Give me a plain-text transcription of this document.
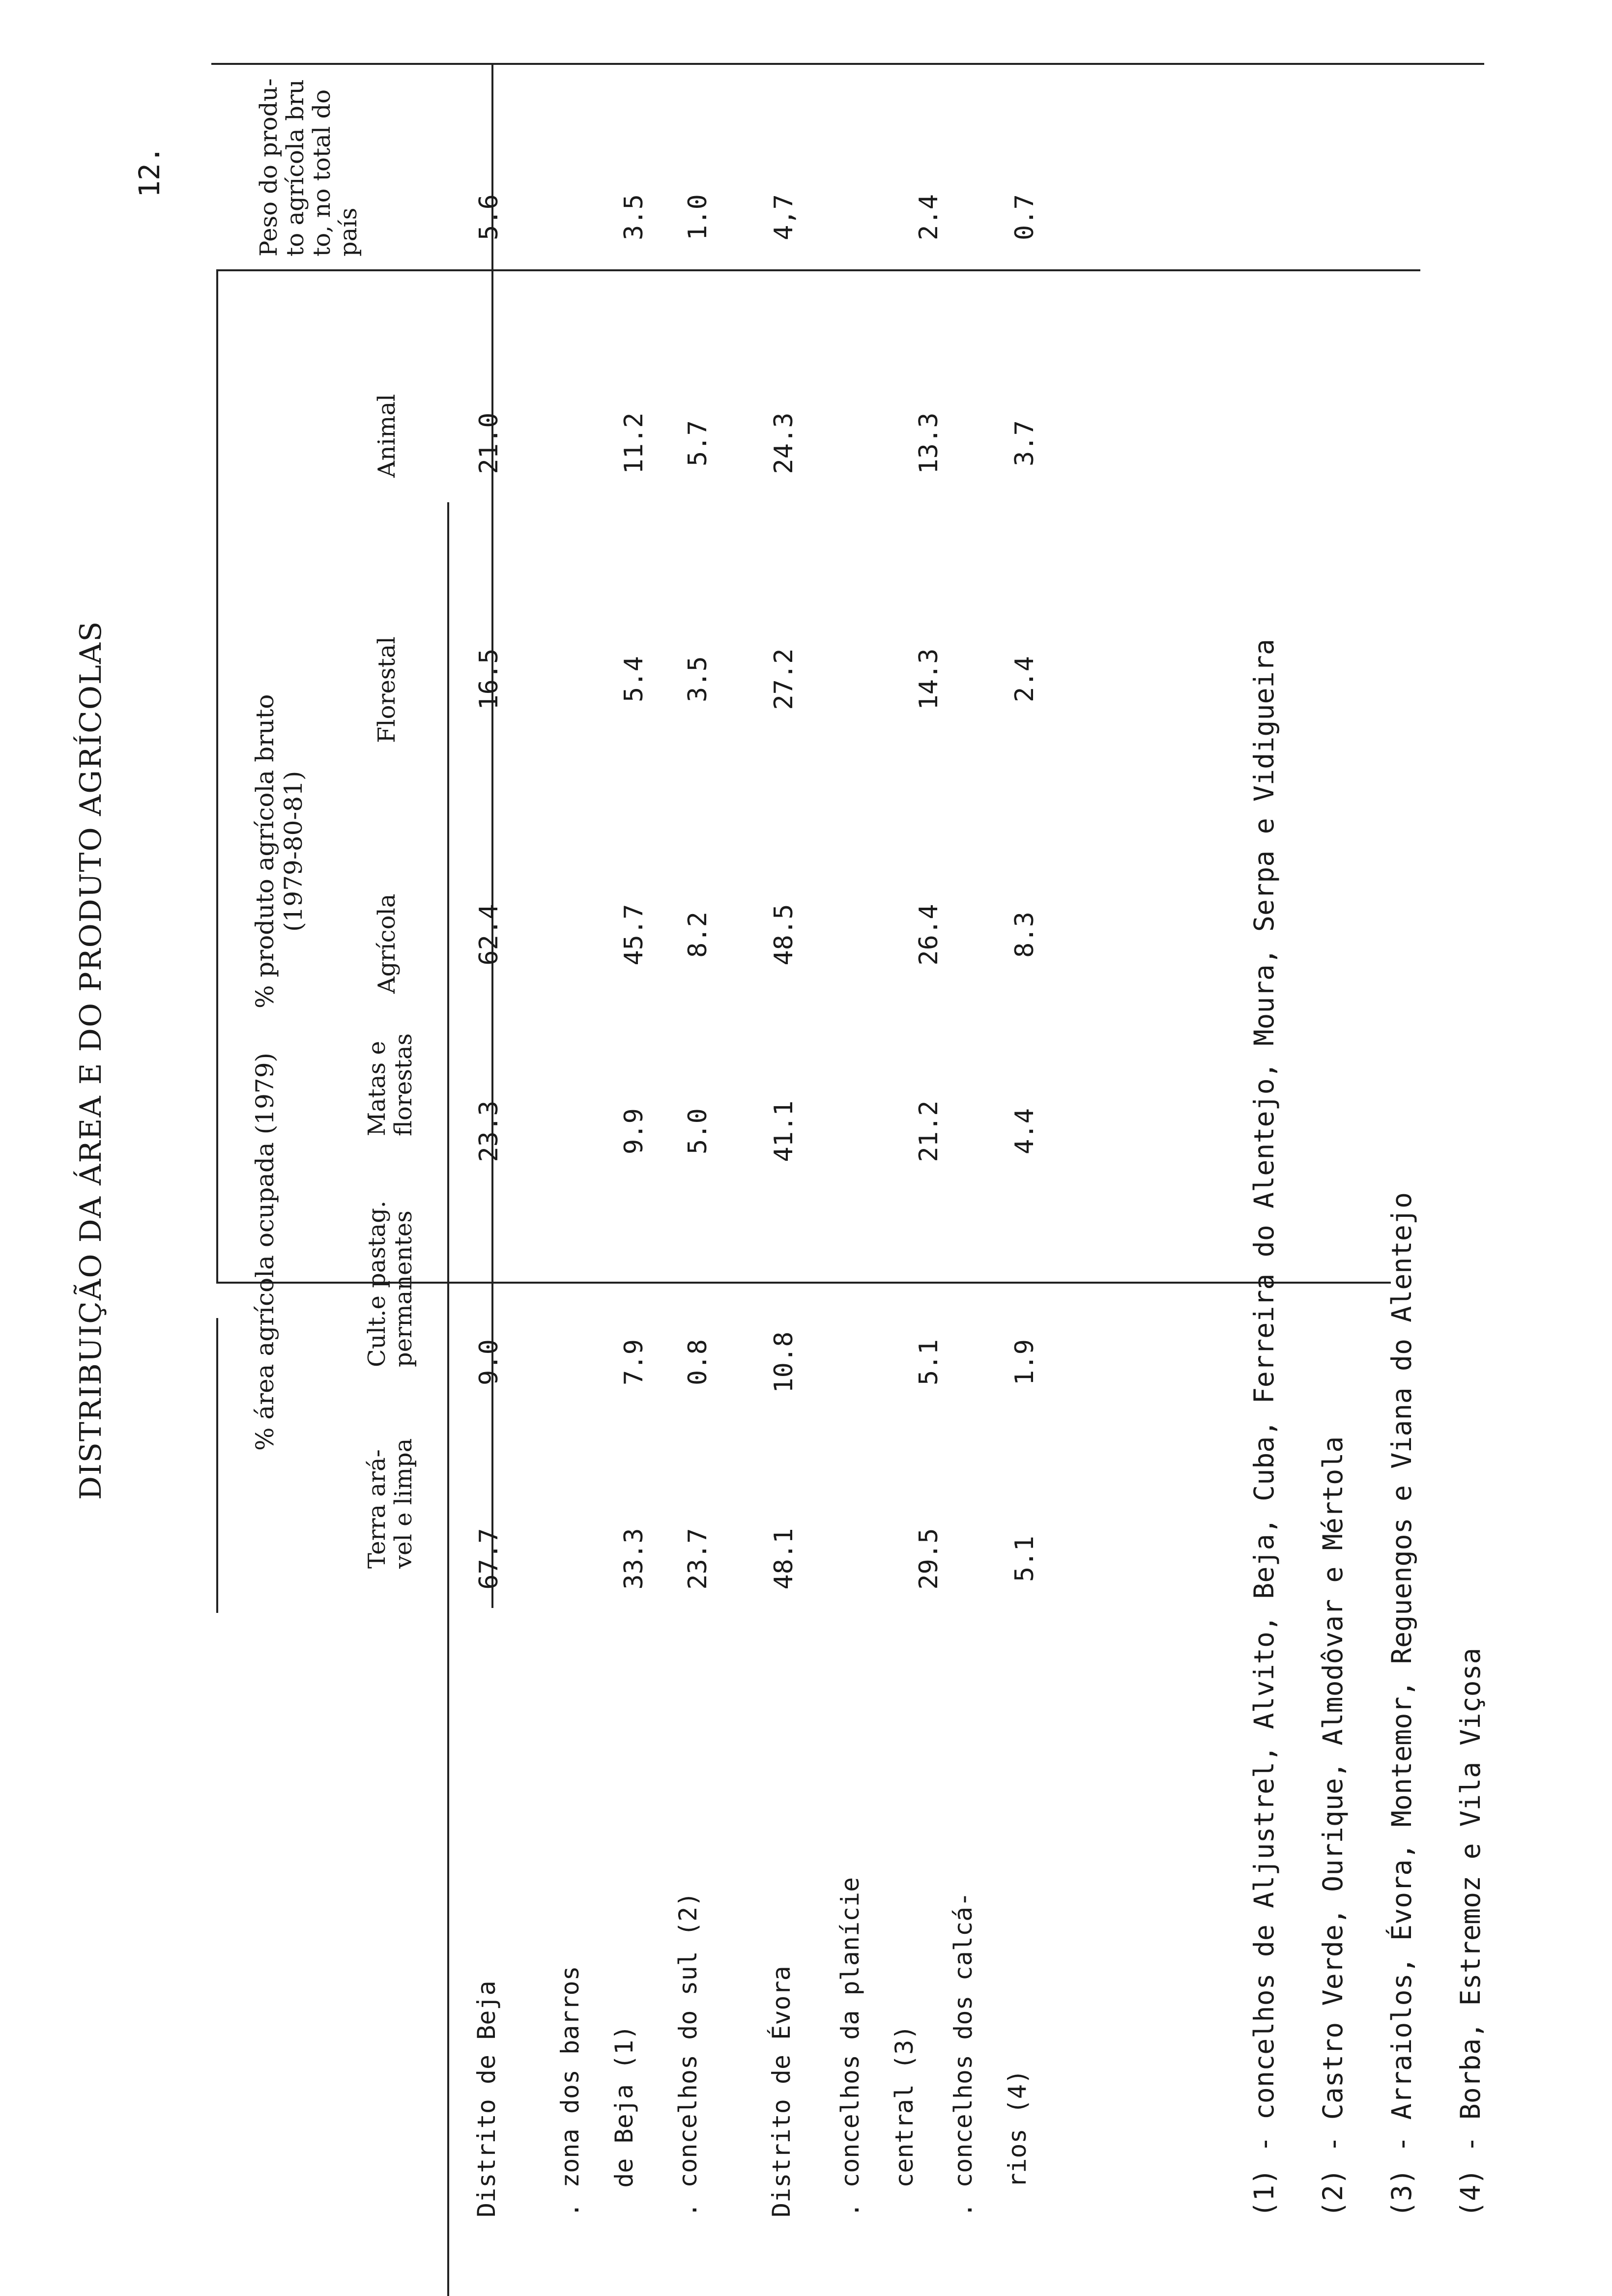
DISTRIBUIÇÃO DA ÁREA E DO PRODUTO AGRÍCOLAS
12.
% área agrícola ocupada (1979)
% produto agrícola bruto (1979-80-81)
Peso do produ-
to agrícola bru
to, no total do
país
Terra ará-
vel e limpa
Cult.e pastag.
permanentes
Matas e
florestas
Agrícola
Florestal
Animal
Distrito de Beja . zona dos barros de Beja (1) . concelhos do sul (2)	Distrito de Évora . concelhos da planície central (3) . concelhos dos calcá- rios (4)
67.7
9.0
23.3
62.4
16.5
21.0
5.6
33.3
7.9
9.9
45.7
5.4
11.2
3.5
23.7
0.8
5.0
8.2
3.5
5.7
1.0
48.1
10.8
41.1
48.5
27.2
24.3
4,7
29.5
5.1
21.2
26.4
14.3
13.3
2.4
5.1
1.9
4.4
8.3
2.4
3.7
0.7
(1) - concelhos de Aljustrel, Alvito, Beja, Cuba, Ferreira do Alentejo, Moura, Serpa e Vidigueira (2) - Castro Verde, Ourique, Almodôvar e Mértola (3) - Arraiolos, Évora, Montemor, Reguengos e Viana do Alentejo (4) - Borba, Estremoz e Vila Viçosa
